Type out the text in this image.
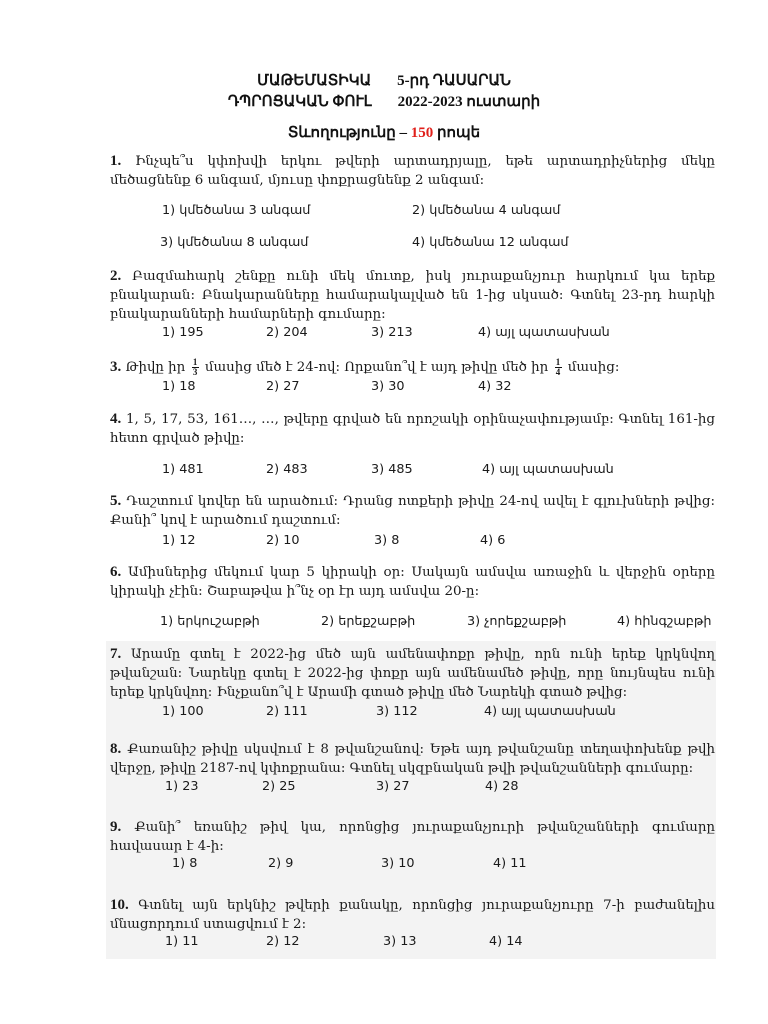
ՄԱԹԵՄԱՏԻԿԱ 5-րդ ԴԱՍԱՐԱՆ
ԴՊՐՈՑԱԿԱՆ ՓՈՒԼ 2022-2023 ուստարի
Տևողությունը – 150 րոպե
1. Ինչպե՞ս կփոխվի երկու թվերի արտադրյալը, եթե արտադրիչներից մեկը մեծացնենք 6 անգամ, մյուսը փոքրացնենք 2 անգամ:
1) կմեծանա 3 անգամ	2) կմեծանա 4 անգամ
3) կմեծանա 8 անգամ	4) կմեծանա 12 անգամ
2. Բազմահարկ շենքը ունի մեկ մուտք, իսկ յուրաքանչյուր հարկում կա երեք բնակարան: Բնակարանները համարակալված են 1-ից սկսած: Գտնել 23-րդ հարկի բնակարանների համարների գումարը:
1) 195	2) 204	3) 213	4) այլ պատասխան
3. Թիվը իր $\frac{1}{3}$ մասից մեծ է 24-ով: Որքանո՞վ է այդ թիվը մեծ իր $\frac{1}{4}$ մասից:
1) 18	2) 27	3) 30	4) 32
4. 1, 5, 17, 53, 161…, …, թվերը գրված են որոշակի օրինաչափությամբ: Գտնել 161-ից հետո գրված թիվը:
1) 481	2) 483	3) 485	4) այլ պատասխան
5. Դաշտում կովեր են արածում: Դրանց ոտքերի թիվը 24-ով ավել է գլուխների թվից: Քանի՞ կով է արածում դաշտում:
1) 12	2) 10	3) 8	4) 6
6. Ամիսներից մեկում կար 5 կիրակի օր: Սակայն ամսվա առաջին և վերջին օրերը կիրակի չէին: Շաբաթվա ի՞նչ օր էր այդ ամսվա 20-ը:
1) երկուշաբթի	2) երեքշաբթի	3) չորեքշաբթի	4) հինգշաբթի
7. Արամը գտել է 2022-ից մեծ այն ամենափոքր թիվը, որն ունի երեք կրկնվող թվանշան: Նարեկը գտել է 2022-ից փոքր այն ամենամեծ թիվը, որը նույնպես ունի երեք կրկնվող: Ինչքանո՞վ է Արամի գտած թիվը մեծ Նարեկի գտած թվից:
1) 100	2) 111	3) 112	4) այլ պատասխան
8. Քառանիշ թիվը սկսվում է 8 թվանշանով: Եթե այդ թվանշանը տեղափոխենք թվի վերջը, թիվը 2187-ով կփոքրանա: Գտնել սկզբնական թվի թվանշանների գումարը:
1) 23	2) 25	3) 27	4) 28
9. Քանի՞ եռանիշ թիվ կա, որոնցից յուրաքանչյուրի թվանշանների գումարը հավասար է 4-ի:
1) 8	2) 9	3) 10	4) 11
10. Գտնել այն երկնիշ թվերի քանակը, որոնցից յուրաքանչյուրը 7-ի բաժանելիս մնացորդում ստացվում է 2:
1) 11	2) 12	3) 13	4) 14
